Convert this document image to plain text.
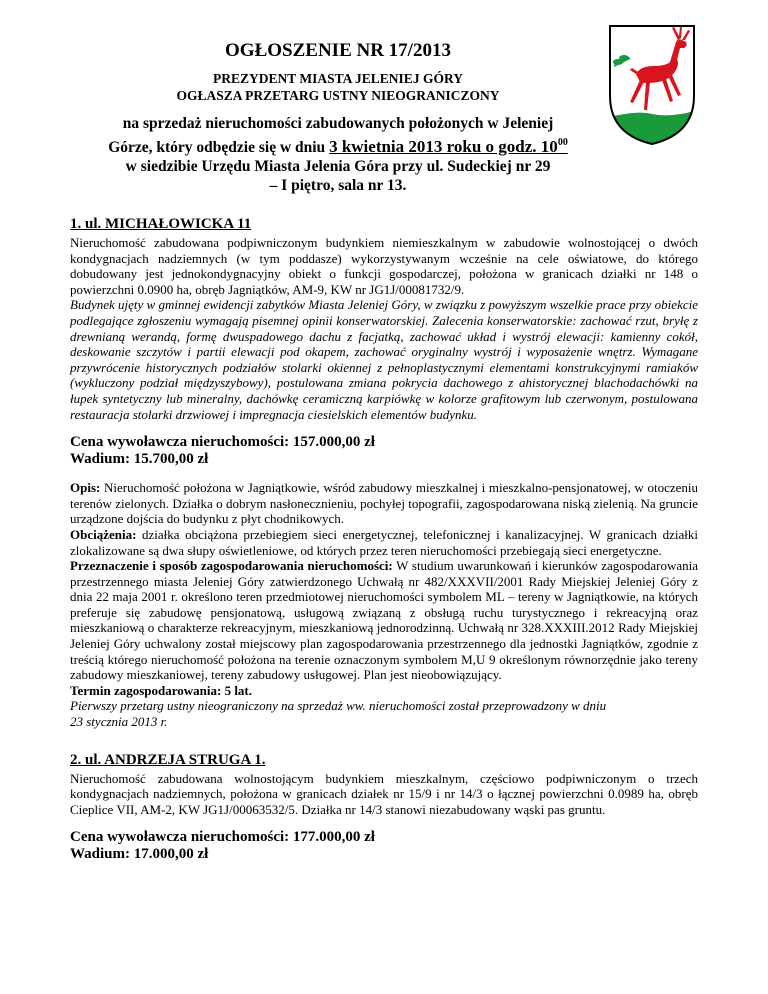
OGŁOSZENIE NR 17/2013
PREZYDENT MIASTA JELENIEJ GÓRY
OGŁASZA PRZETARG USTNY NIEOGRANICZONY
na sprzedaż nieruchomości zabudowanych położonych w Jeleniej
Górze, który odbędzie się w dniu 3 kwietnia 2013 roku o godz. $10^{00}$
w siedzibie Urzędu Miasta Jelenia Góra przy ul. Sudeckiej nr 29
– I piętro, sala nr 13.
1. ul. MICHAŁOWICKA 11

Nieruchomość zabudowana podpiwniczonym budynkiem niemieszkalnym w zabudowie wolnostojącej o dwóch kondygnacjach nadziemnych (w tym poddasze) wykorzystywanym wcześnie na cele oświatowe, do którego dobudowany jest jednokondygnacyjny obiekt o funkcji gospodarczej, położona w granicach działki nr 148 o powierzchni 0.0900 ha, obręb Jagniątków, AM-9, KW nr JG1J/00081732/9.

Budynek ujęty w gminnej ewidencji zabytków Miasta Jeleniej Góry, w związku z powyższym wszelkie prace przy obiekcie podlegające zgłoszeniu wymagają pisemnej opinii konserwatorskiej. Zalecenia konserwatorskie: zachować rzut, bryłę z drewnianą werandą, formę dwuspadowego dachu z facjatką, zachować układ i wystrój elewacji: kamienny cokół, deskowanie szczytów i partii elewacji pod okapem, zachować oryginalny wystrój i wyposażenie wnętrz. Wymagane przywrócenie historycznych podziałów stolarki okiennej z pełnoplastycznymi elementami konstrukcyjnymi ramiaków (wykluczony podział międzyszybowy), postulowana zmiana pokrycia dachowego z ahistorycznej blachodachówki na łupek syntetyczny lub mineralny, dachówkę ceramiczną karpiówkę w kolorze grafitowym lub czerwonym, postulowana restauracja stolarki drzwiowej i impregnacja ciesielskich elementów budynku.

Cena wywoławcza nieruchomości: 157.000,00 zł
Wadium: 15.700,00 zł

Opis: Nieruchomość położona w Jagniątkowie, wśród zabudowy mieszkalnej i mieszkalno-pensjonatowej, w otoczeniu terenów zielonych. Działka o dobrym nasłonecznieniu, pochyłej topografii, zagospodarowana niską zielenią. Na gruncie urządzone dojścia do budynku z płyt chodnikowych.

Obciążenia: działka obciążona przebiegiem sieci energetycznej, telefonicznej i kanalizacyjnej. W granicach działki zlokalizowane są dwa słupy oświetleniowe, od których przez teren nieruchomości przebiegają sieci energetyczne.

Przeznaczenie i sposób zagospodarowania nieruchomości: W studium uwarunkowań i kierunków zagospodarowania przestrzennego miasta Jeleniej Góry zatwierdzonego Uchwałą nr 482/XXXVII/2001 Rady Miejskiej Jeleniej Góry z dnia 22 maja 2001 r. określono teren przedmiotowej nieruchomości symbolem ML – tereny w Jagniątkowie, na których preferuje się zabudowę pensjonatową, usługową związaną z obsługą ruchu turystycznego i rekreacyjną oraz mieszkaniową o charakterze rekreacyjnym, mieszkaniową jednorodzinną. Uchwałą nr 328.XXXIII.2012 Rady Miejskiej Jeleniej Góry uchwalony został miejscowy plan zagospodarowania przestrzennego dla jednostki Jagniątków, zgodnie z treścią którego nieruchomość położona na terenie oznaczonym symbolem M,U 9 określonym równorzędnie jako tereny zabudowy mieszkaniowej, tereny zabudowy usługowej. Plan jest nieobowiązujący.

Termin zagospodarowania: 5 lat.

Pierwszy przetarg ustny nieograniczony na sprzedaż ww. nieruchomości został przeprowadzony w dniu
23 stycznia 2013 r.

2. ul. ANDRZEJA STRUGA 1.

Nieruchomość zabudowana wolnostojącym budynkiem mieszkalnym, częściowo podpiwniczonym o trzech kondygnacjach nadziemnych, położona w granicach działek nr 15/9 i nr 14/3 o łącznej powierzchni 0.0989 ha, obręb Cieplice VII, AM-2, KW JG1J/00063532/5. Działka nr 14/3 stanowi niezabudowany wąski pas gruntu.

Cena wywoławcza nieruchomości: 177.000,00 zł
Wadium: 17.000,00 zł
